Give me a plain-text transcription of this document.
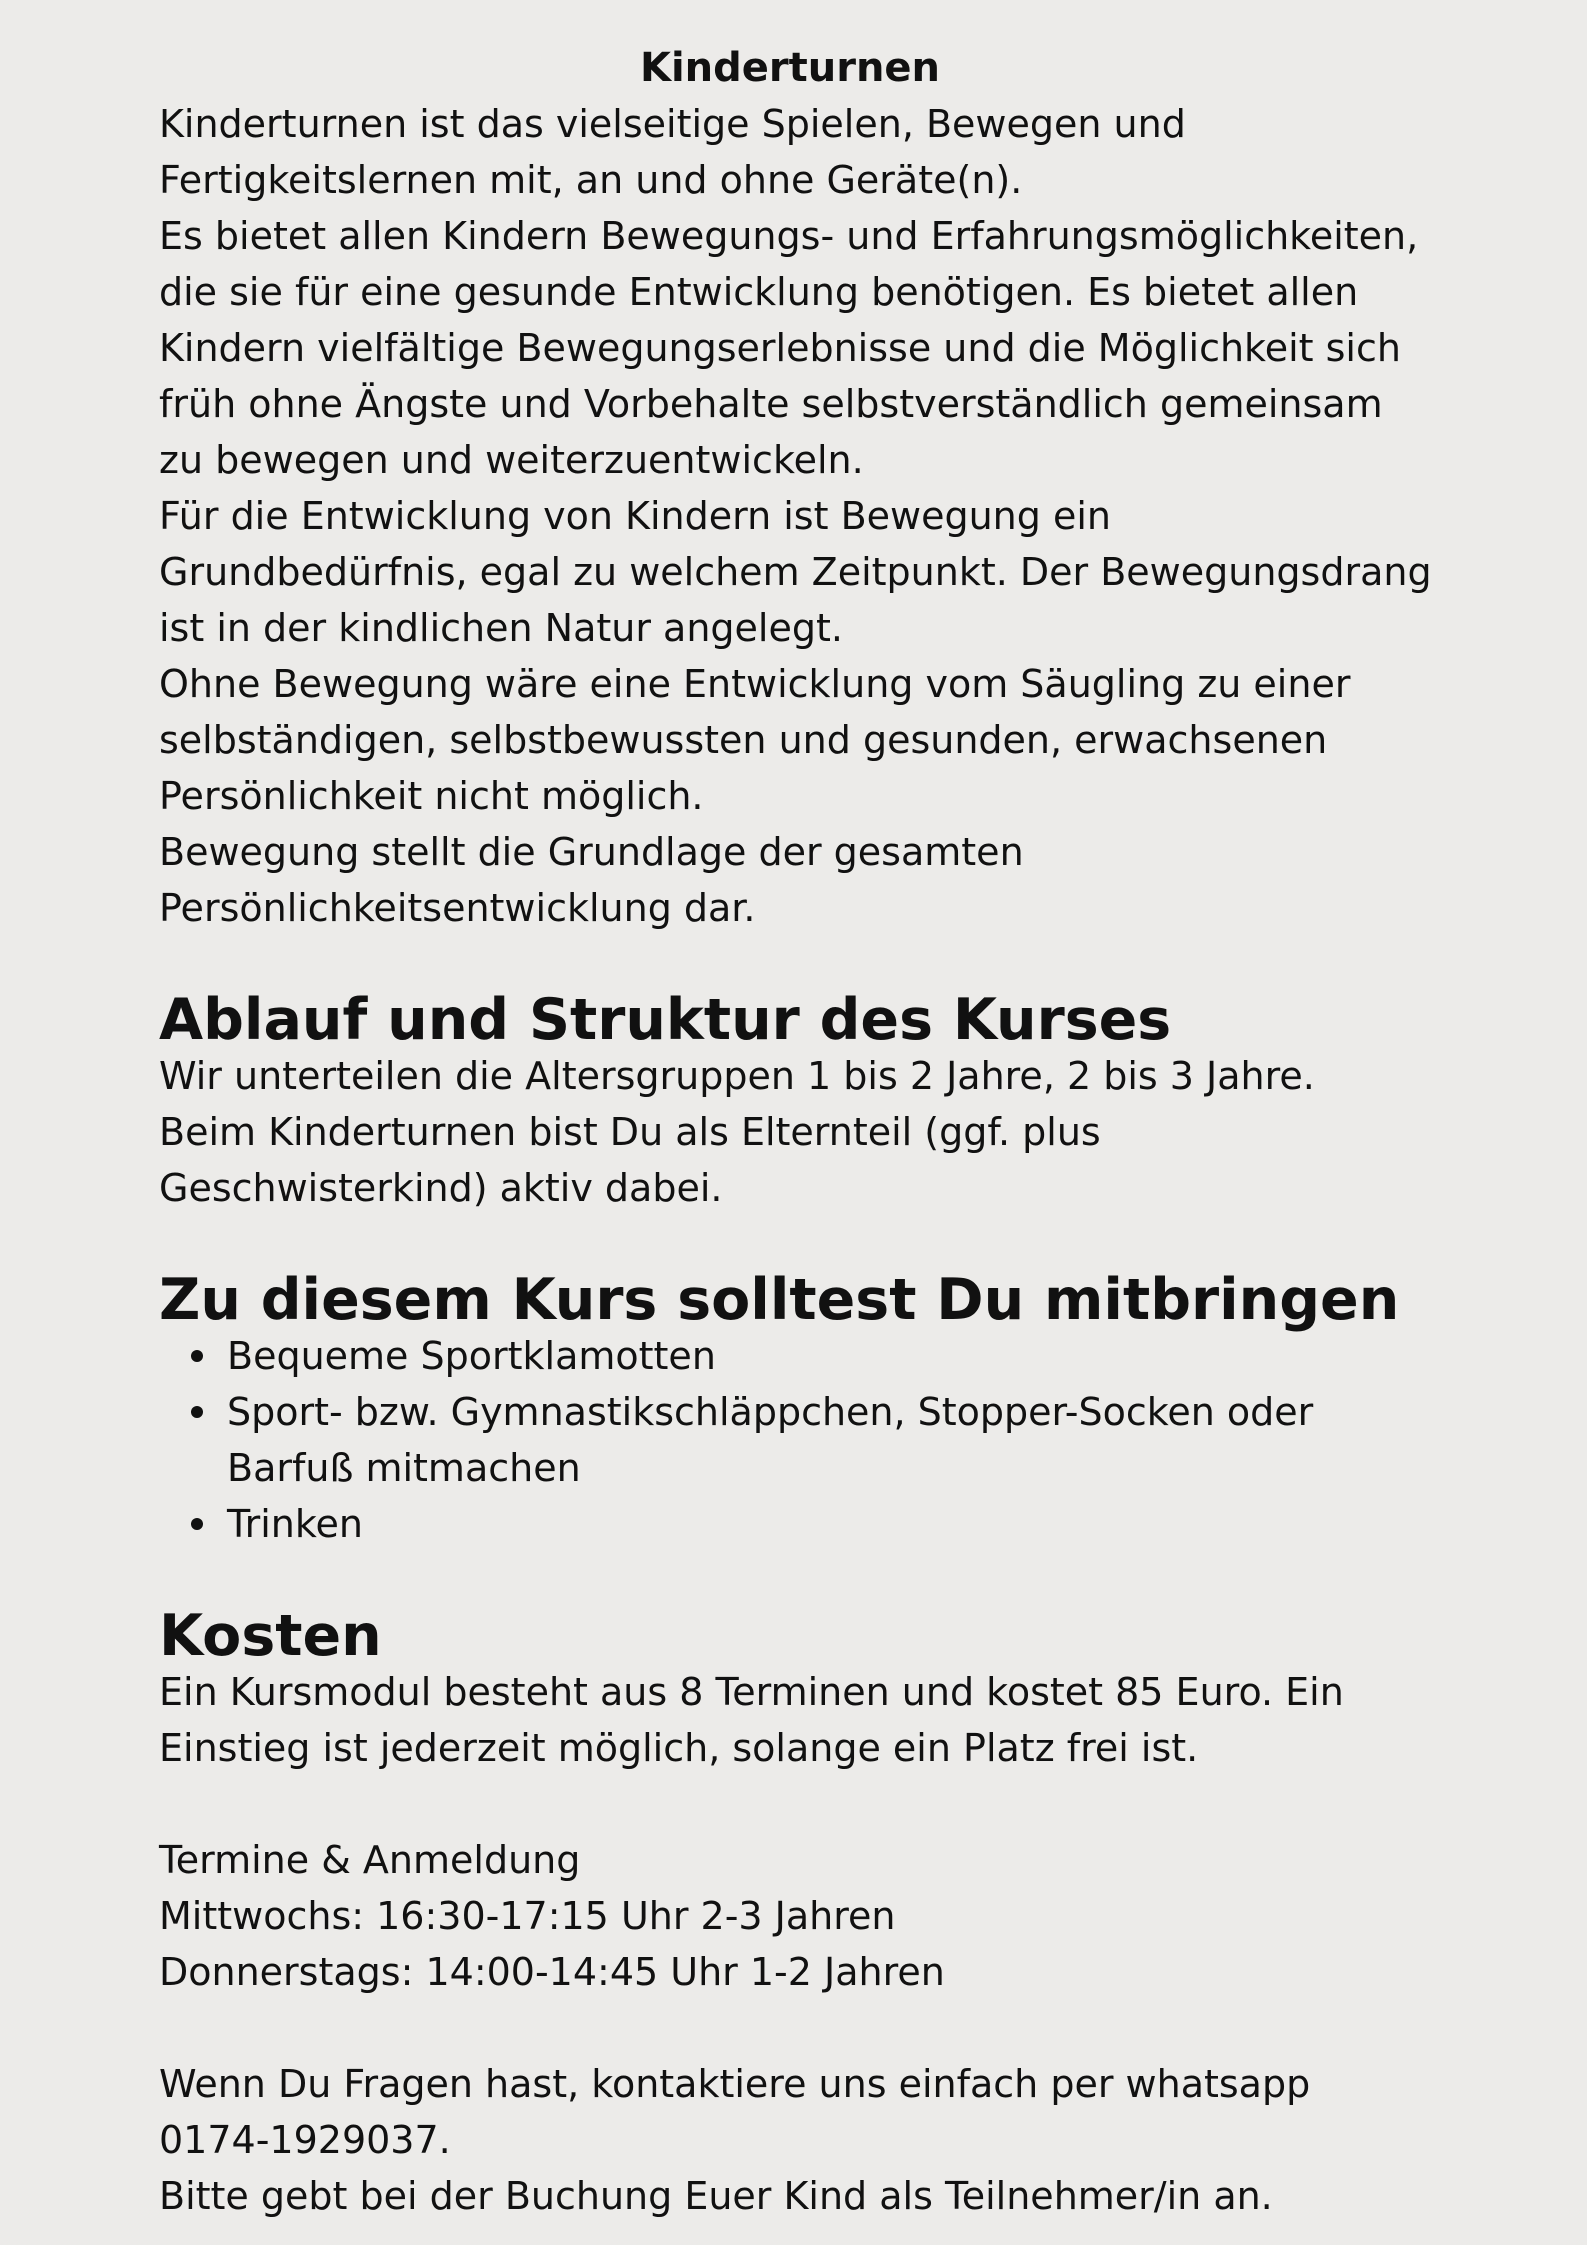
Kinderturnen

Kinderturnen ist das vielseitige Spielen, Bewegen und

Fertigkeitslernen mit, an und ohne Geräte(n).

Es bietet allen Kindern Bewegungs- und Erfahrungsmöglichkeiten,

die sie für eine gesunde Entwicklung benötigen. Es bietet allen

Kindern vielfältige Bewegungserlebnisse und die Möglichkeit sich

früh ohne Ängste und Vorbehalte selbstverständlich gemeinsam

zu bewegen und weiterzuentwickeln.

Für die Entwicklung von Kindern ist Bewegung ein

Grundbedürfnis, egal zu welchem Zeitpunkt. Der Bewegungsdrang

ist in der kindlichen Natur angelegt.

Ohne Bewegung wäre eine Entwicklung vom Säugling zu einer

selbständigen, selbstbewussten und gesunden, erwachsenen

Persönlichkeit nicht möglich.

Bewegung stellt die Grundlage der gesamten

Persönlichkeitsentwicklung dar.

Ablauf und Struktur des Kurses

Wir unterteilen die Altersgruppen 1 bis 2 Jahre, 2 bis 3 Jahre.

Beim Kinderturnen bist Du als Elternteil (ggf. plus

Geschwisterkind) aktiv dabei.

Zu diesem Kurs solltest Du mitbringen

Bequeme Sportklamotten

Sport- bzw. Gymnastikschläppchen, Stopper-Socken oder

Barfuß mitmachen

Trinken

Kosten

Ein Kursmodul besteht aus 8 Terminen und kostet 85 Euro. Ein

Einstieg ist jederzeit möglich, solange ein Platz frei ist.

Termine & Anmeldung

Mittwochs: 16:30-17:15 Uhr 2-3 Jahren

Donnerstags: 14:00-14:45 Uhr 1-2 Jahren

Wenn Du Fragen hast, kontaktiere uns einfach per whatsapp

0174-1929037.

Bitte gebt bei der Buchung Euer Kind als Teilnehmer/in an.
